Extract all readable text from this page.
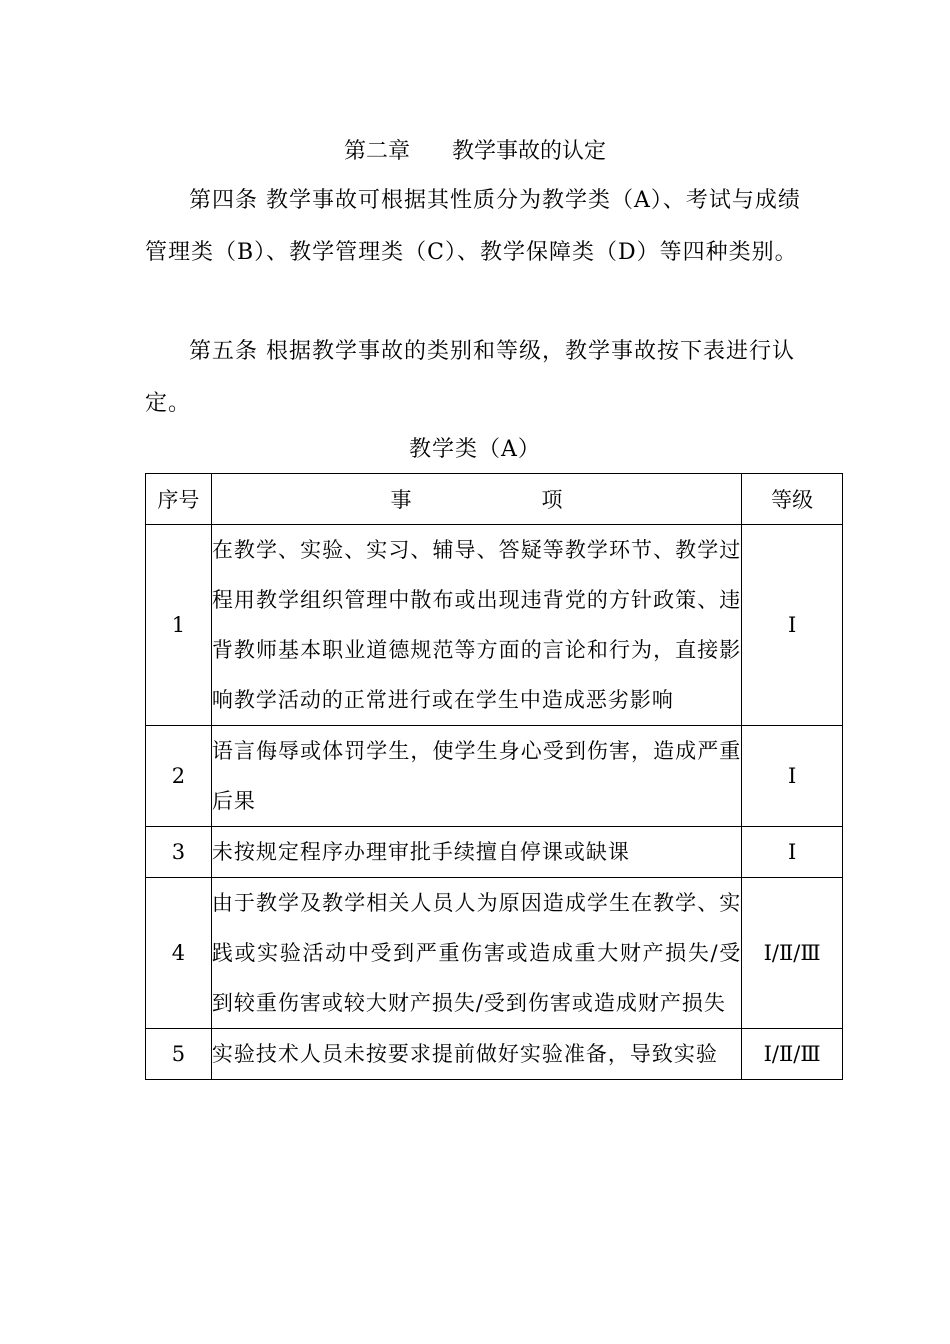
第二章 教学事故的认定

第四条 教学事故可根据其性质分为教学类（A）、考试与成绩管理类（B）、教学管理类（C）、教学保障类（D）等四种类别。

第五条 根据教学事故的类别和等级，教学事故按下表进行认定。

教学类（A）
序号	事 项	等级
1	在教学、实验、实习、辅导、答疑等教学环节、教学过程用教学组织管理中散布或出现违背党的方针政策、违背教师基本职业道德规范等方面的言论和行为，直接影响教学活动的正常进行或在学生中造成恶劣影响	Ⅰ
2	语言侮辱或体罚学生，使学生身心受到伤害，造成严重后果	Ⅰ
3	未按规定程序办理审批手续擅自停课或缺课	Ⅰ
4	由于教学及教学相关人员人为原因造成学生在教学、实践或实验活动中受到严重伤害或造成重大财产损失/受到较重伤害或较大财产损失/受到伤害或造成财产损失	Ⅰ/Ⅱ/Ⅲ
5	实验技术人员未按要求提前做好实验准备，导致实验	Ⅰ/Ⅱ/Ⅲ
